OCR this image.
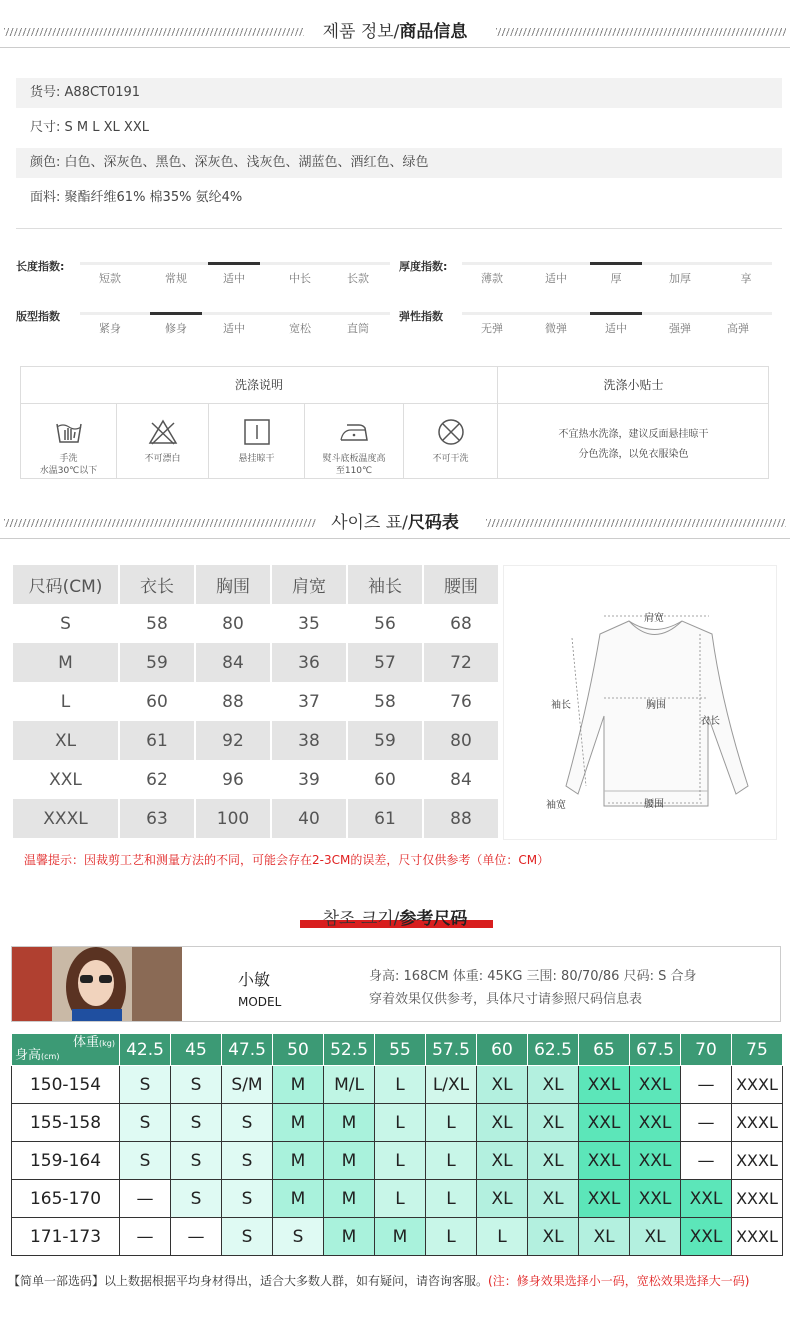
제품 정보/商品信息
货号: A88CT0191
尺寸: S M L XL XXL
颜色: 白色、深灰色、黑色、深灰色、浅灰色、湖蓝色、酒红色、绿色
面料: 聚酯纤维61% 棉35% 氨纶4%
长度指数:
短款	常规	适中	中长	长款
厚度指数:
薄款	适中	厚	加厚	享
版型指数
紧身	修身	适中	宽松	直筒
弹性指数
无弹	微弹	适中	强弹	高弹
洗涤说明	洗涤小贴士
手洗
水温30℃以下
不可漂白	悬挂晾干	熨斗底板温度高
至110℃
不可干洗
不宜热水洗涤，建议反面悬挂晾干
分色洗涤，以免衣服染色
사이즈 표/尺码表
尺码(CM)	衣长	胸围	肩宽	袖长	腰围
S	58	80	35	56	68
M	59	84	36	57	72
L	60	88	37	58	76
XL	61	92	38	59	80
XXL	62	96	39	60	84
XXXL	63	100	40	61	88
肩宽
袖长	胸围
衣长
袖宽	腰围
温馨提示：因裁剪工艺和测量方法的不同，可能会存在2-3CM的误差，尺寸仅供参考（单位：CM）
참조 크기/参考尺码
小敏
MODEL
身高: 168CM 体重: 45KG 三围: 80/70/86 尺码: S 合身
穿着效果仅供参考，具体尺寸请参照尺码信息表
体重(kg)
身高(cm)	42.5	45	47.5	50	52.5	55	57.5	60	62.5	65	67.5	70	75
150-154	S	S	S/M	M	M/L	L	L/XL	XL	XL	XXL	XXL	—	XXXL
155-158	S	S	S	M	M	L	L	XL	XL	XXL	XXL	—	XXXL
159-164	S	S	S	M	M	L	L	XL	XL	XXL	XXL	—	XXXL
165-170	—	S	S	M	M	L	L	XL	XL	XXL	XXL	XXL	XXXL
171-173	—	—	S	S	M	M	L	L	XL	XL	XL	XXL	XXXL
【简单一部选码】以上数据根据平均身材得出，适合大多数人群，如有疑问，请咨询客服。(注：修身效果选择小一码，宽松效果选择大一码)
